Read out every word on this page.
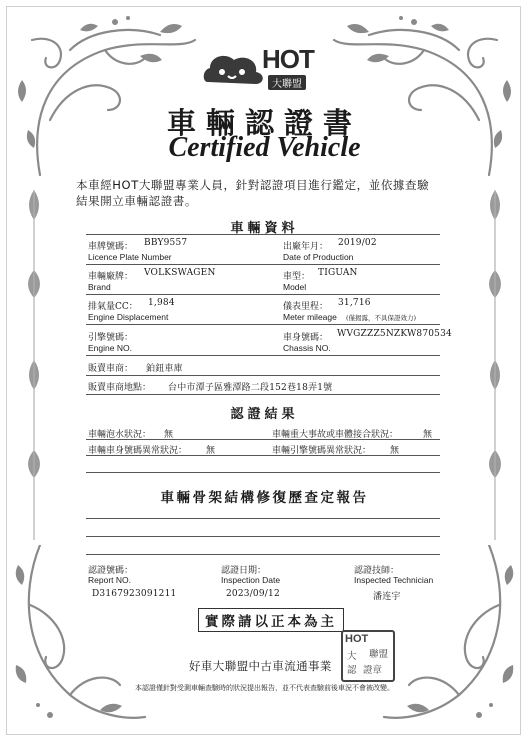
HOT
大聯盟
車輛認證書
Certified Vehicle
本車經HOT大聯盟專業人員，針對認證項目進行鑑定，並依據查驗
結果開立車輛認證書。
車輛資料
車牌號碼： BBY9557
Licence Plate Number
出廠年月： 2019/02
Date of Production
車輛廠牌： VOLKSWAGEN
Brand
車型： TIGUAN
Model
排氣量CC： 1,984
Engine Displacement
儀表里程： 31,716
Meter mileage (僅揭露，不具保證效力)
引擎號碼：
Engine NO.
車身號碼： WVGZZZ5NZKW870534
Chassis NO.
販賣車商： 鉑鈕車庫
販賣車商地點： 台中市潭子區雅潭路二段152巷18弄1號
認證結果
車輛泡水狀況： 無	車輛重大事故或車體接合狀況：	無
車輛車身號碼異常狀況： 無	車輛引擎號碼異常狀況： 無
車輛骨架結構修復歷查定報告
認證號碼：
Report NO.
D3167923091211
認證日期：
Inspection Date
2023/09/12
認證技師：
Inspected Technician
潘连宇
實際請以正本為主
HOT
聯盟
大
認 證章
好車大聯盟中古車流通事業
本認證僅針對受測車輛查驗時的狀況提出報告，並不代表查驗前後車況不會被改變。
